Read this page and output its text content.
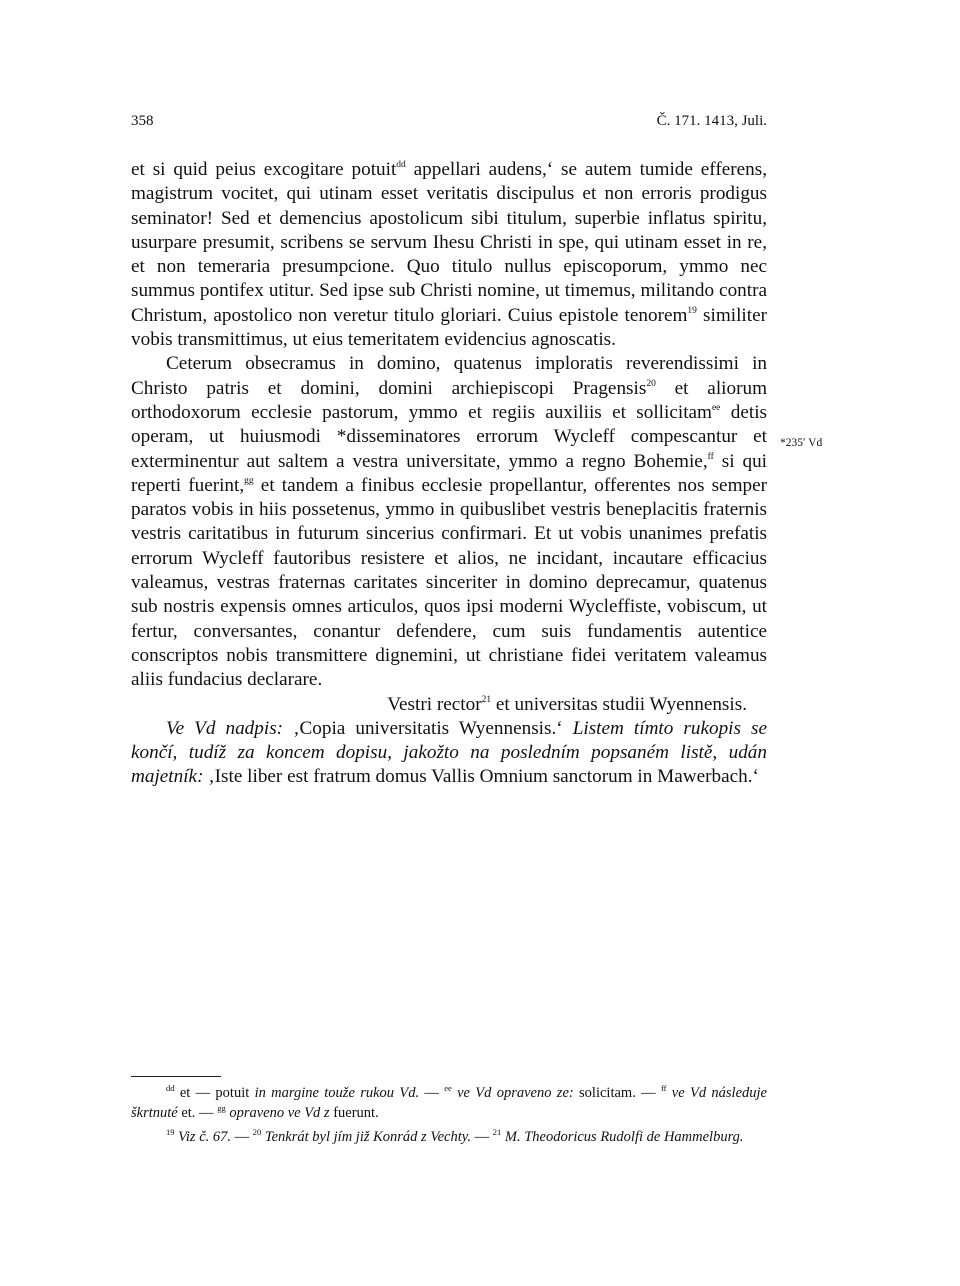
358	Č. 171. 1413, Juli.
*235ʹ Vd

et si quid peius excogitare potuit$^{dd}$ appellari audens,‘ se autem tumide efferens, magistrum vocitet, qui utinam esset veritatis discipulus et non erroris prodigus seminator! Sed et demencius apostolicum sibi titulum, superbie inflatus spiritu, usurpare presumit, scribens se servum Ihesu Christi in spe, qui utinam esset in re, et non temeraria presumpcione. Quo titulo nullus episcoporum, ymmo nec summus pontifex utitur. Sed ipse sub Christi nomine, ut timemus, militando contra Christum, apostolico non veretur titulo gloriari. Cuius epistole tenorem$^{19}$ similiter vobis transmittimus, ut eius temeritatem evidencius agnoscatis.

Ceterum obsecramus in domino, quatenus imploratis reverendissimi in Christo patris et domini, domini archiepiscopi Pragensis$^{20}$ et aliorum orthodoxorum ecclesie pastorum, ymmo et regiis auxiliis et sollicitam$^{ee}$ detis operam, ut huiusmodi *disseminatores errorum Wycleff compescantur et exterminentur aut saltem a vestra universitate, ymmo a regno Bohemie,$^{ff}$ si qui reperti fuerint,$^{gg}$ et tandem a finibus ecclesie propellantur, offerentes nos semper paratos vobis in hiis possetenus, ymmo in quibuslibet vestris beneplacitis fraternis vestris caritatibus in futurum sincerius confirmari. Et ut vobis unanimes prefatis errorum Wycleff fautoribus resistere et alios, ne incidant, incautare efficacius valeamus, vestras fraternas caritates sinceriter in domino deprecamur, quatenus sub nostris expensis omnes articulos, quos ipsi moderni Wycleffiste, vobiscum, ut fertur, conversantes, conantur defendere, cum suis fundamentis autentice conscriptos nobis transmittere dignemini, ut christiane fidei veritatem valeamus aliis fundacius declarare.

Vestri rector$^{21}$ et universitas studii Wyennensis.

Ve Vd nadpis: ‚Copia universitatis Wyennensis.‘ Listem tímto rukopis se končí, tudíž za koncem dopisu, jakožto na posledním popsaném listě, udán majetník: ‚Iste liber est fratrum domus Vallis Omnium sanctorum in Mawerbach.‘

$^{dd}$ et — potuit in margine touže rukou Vd. — $^{ee}$ ve Vd opraveno ze: solicitam. — $^{ff}$ ve Vd následuje škrtnuté et. — $^{gg}$ opraveno ve Vd z fuerunt.

$^{19}$ Viz č. 67. — $^{20}$ Tenkrát byl jím již Konrád z Vechty. — $^{21}$ M. Theodoricus Rudolfi de Hammelburg.
